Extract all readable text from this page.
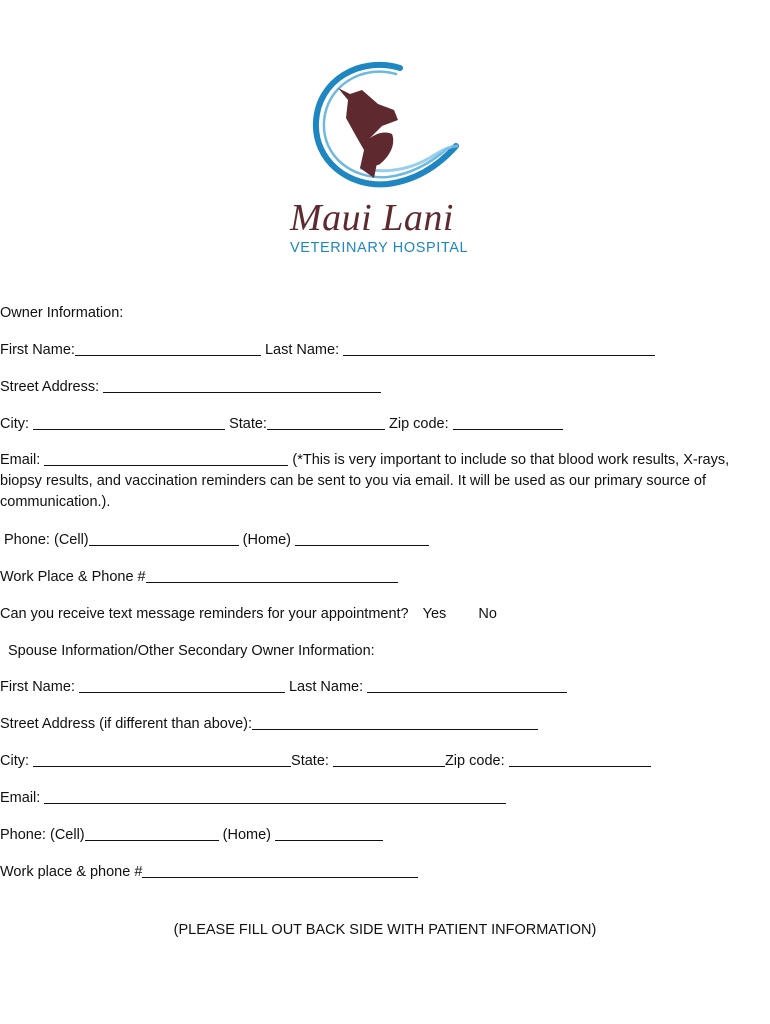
Maui Lani
VETERINARY HOSPITAL
Owner Information:
First Name:	Last Name:
Street Address:
City:	State:	Zip code:
Email:	(*This is very important to include so that blood work results, X-rays, biopsy results, and vaccination reminders can be sent to you via email. It will be used as our primary source of communication.).
Phone: (Cell)	(Home)
Work Place & Phone #
Can you receive text message reminders for your appointment? Yes No
Spouse Information/Other Secondary Owner Information:
First Name:	Last Name:
Street Address (if different than above):
City:	State:	Zip code:
Email:
Phone: (Cell)	(Home)
Work place & phone #
(PLEASE FILL OUT BACK SIDE WITH PATIENT INFORMATION)
